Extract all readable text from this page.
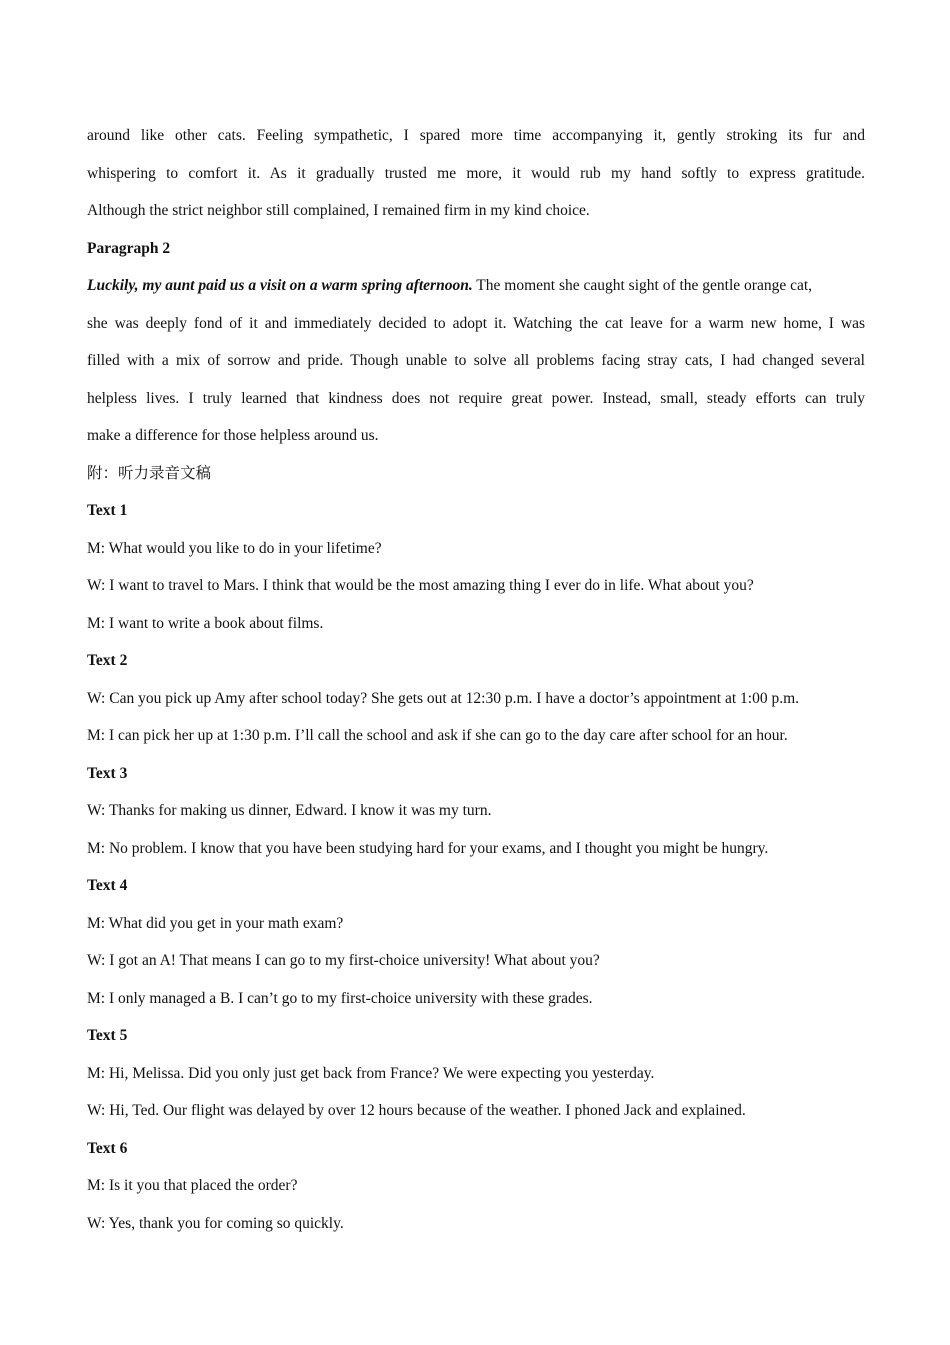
around like other cats. Feeling sympathetic, I spared more time accompanying it, gently stroking its fur and
whispering to comfort it. As it gradually trusted me more, it would rub my hand softly to express gratitude.
Although the strict neighbor still complained, I remained firm in my kind choice.
Paragraph 2
Luckily, my aunt paid us a visit on a warm spring afternoon. The moment she caught sight of the gentle orange cat,
she was deeply fond of it and immediately decided to adopt it. Watching the cat leave for a warm new home, I was
filled with a mix of sorrow and pride. Though unable to solve all problems facing stray cats, I had changed several
helpless lives. I truly learned that kindness does not require great power. Instead, small, steady efforts can truly
make a difference for those helpless around us.
附：听力录音文稿
Text 1
M: What would you like to do in your lifetime?
W: I want to travel to Mars. I think that would be the most amazing thing I ever do in life. What about you?
M: I want to write a book about films.
Text 2
W: Can you pick up Amy after school today? She gets out at 12:30 p.m. I have a doctor’s appointment at 1:00 p.m.
M: I can pick her up at 1:30 p.m. I’ll call the school and ask if she can go to the day care after school for an hour.
Text 3
W: Thanks for making us dinner, Edward. I know it was my turn.
M: No problem. I know that you have been studying hard for your exams, and I thought you might be hungry.
Text 4
M: What did you get in your math exam?
W: I got an A! That means I can go to my first-choice university! What about you?
M: I only managed a B. I can’t go to my first-choice university with these grades.
Text 5
M: Hi, Melissa. Did you only just get back from France? We were expecting you yesterday.
W: Hi, Ted. Our flight was delayed by over 12 hours because of the weather. I phoned Jack and explained.
Text 6
M: Is it you that placed the order?
W: Yes, thank you for coming so quickly.
